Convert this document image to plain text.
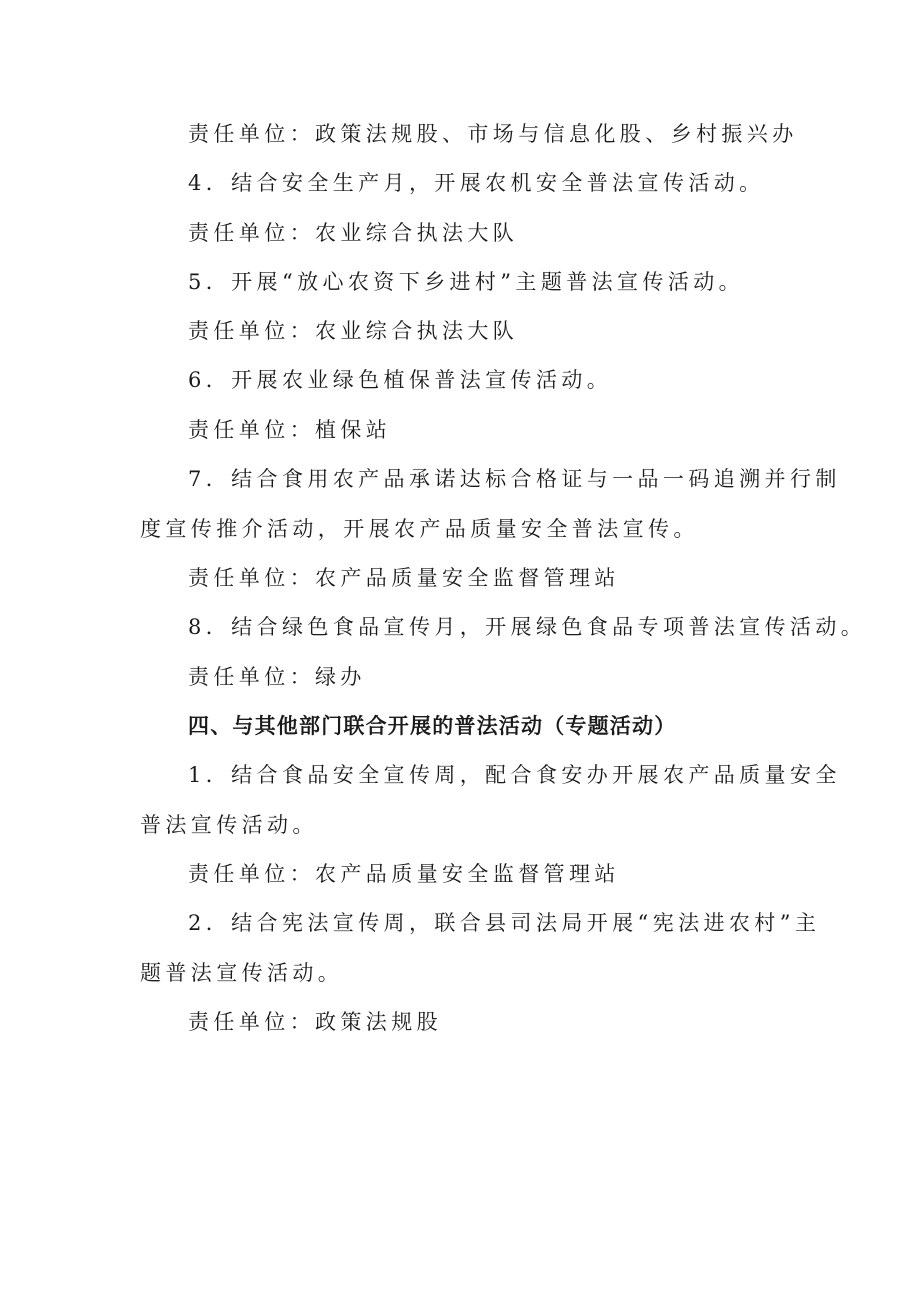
责任单位：政策法规股、市场与信息化股、乡村振兴办
4．结合安全生产月，开展农机安全普法宣传活动。
责任单位：农业综合执法大队
5．开展“放心农资下乡进村”主题普法宣传活动。
责任单位：农业综合执法大队
6．开展农业绿色植保普法宣传活动。
责任单位：植保站
7．结合食用农产品承诺达标合格证与一品一码追溯并行制
度宣传推介活动，开展农产品质量安全普法宣传。
责任单位：农产品质量安全监督管理站
8．结合绿色食品宣传月，开展绿色食品专项普法宣传活动。
责任单位：绿办
四、与其他部门联合开展的普法活动（专题活动）
1．结合食品安全宣传周，配合食安办开展农产品质量安全
普法宣传活动。
责任单位：农产品质量安全监督管理站
2．结合宪法宣传周，联合县司法局开展“宪法进农村”主
题普法宣传活动。
责任单位：政策法规股
